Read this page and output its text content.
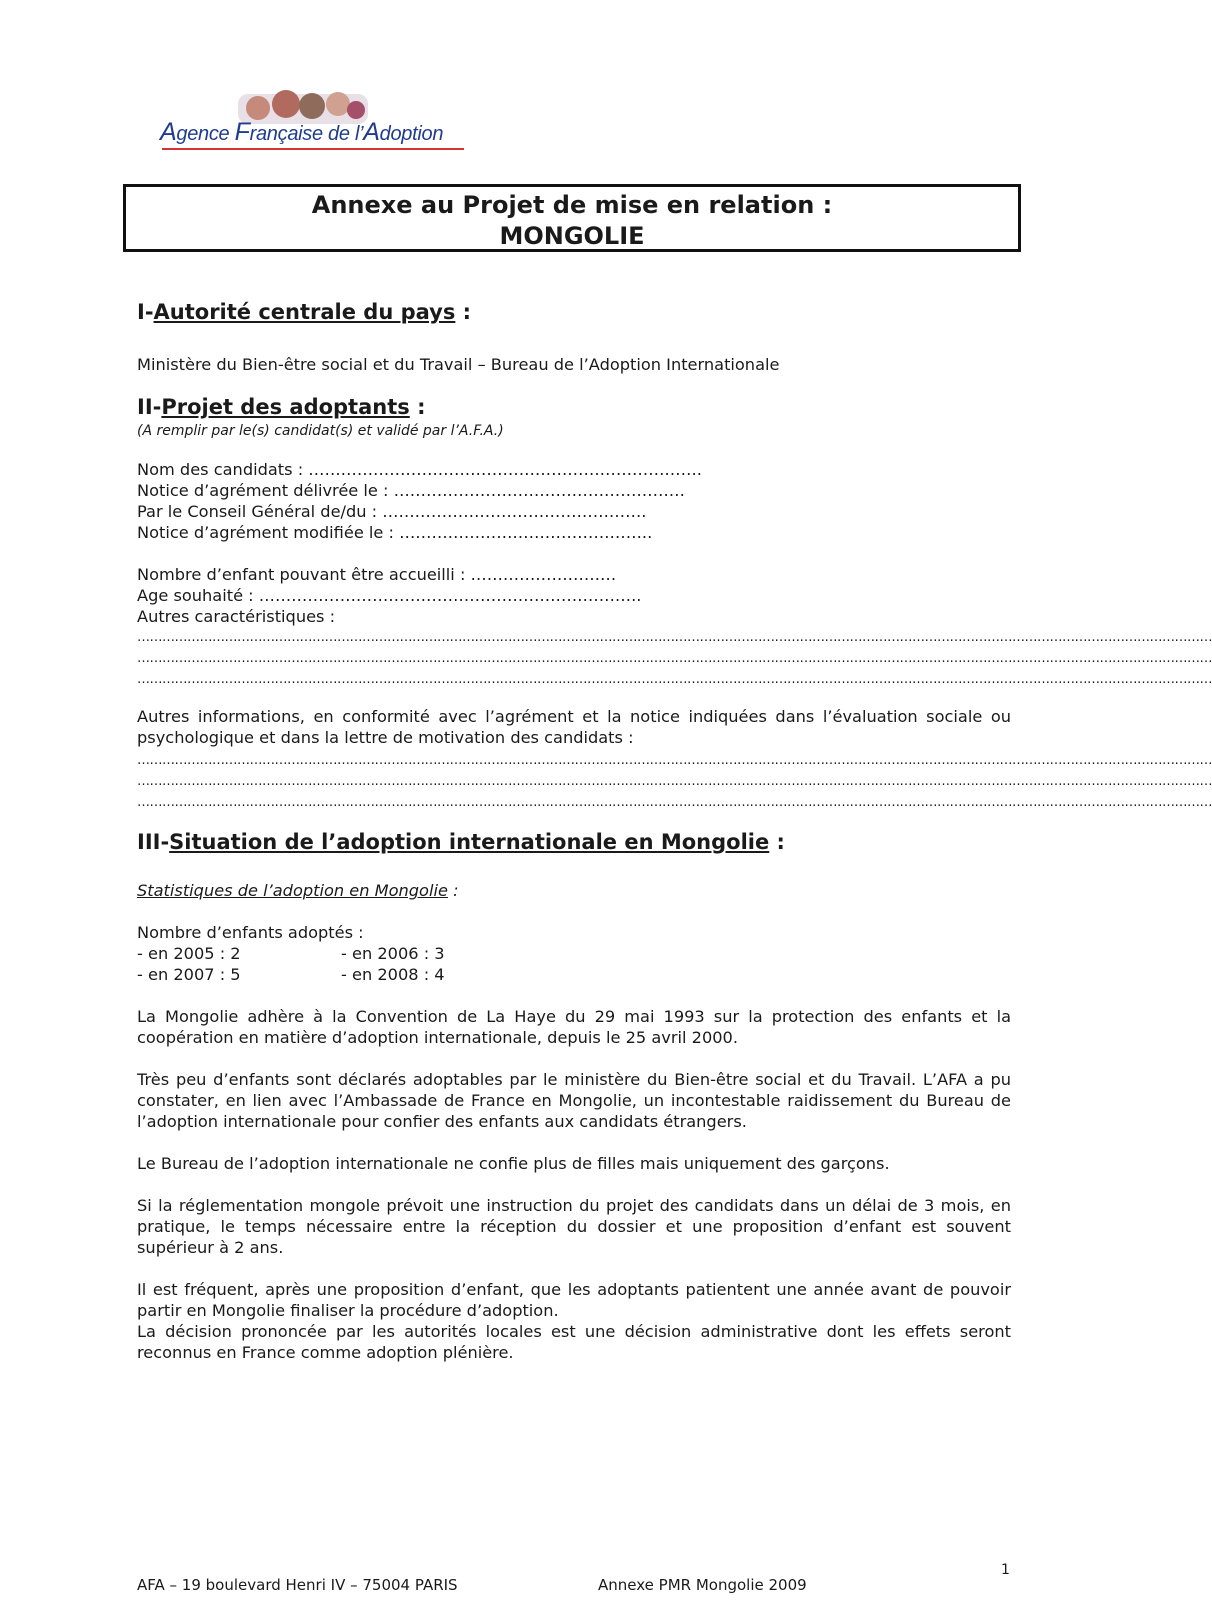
Agence Française de l’Adoption
Annexe au Projet de mise en relation :
MONGOLIE
I-Autorité centrale du pays :
Ministère du Bien-être social et du Travail – Bureau de l’Adoption Internationale
II-Projet des adoptants :
(A remplir par le(s) candidat(s) et validé par l’A.F.A.)
Nom des candidats : ……………………………………………………………….
Notice d’agrément délivrée le : ………………………………………………
Par le Conseil Général de/du : ………………………………………….
Notice d’agrément modifiée le : ………………………………………..
Nombre d’enfant pouvant être accueilli : ………………………
Age souhaité : ……………………………………………………………..
Autres caractéristiques :
……………………………………………………………………………………………………………………………………………………………………………………………………………………………………
……………………………………………………………………………………………………………………………………………………………………………………………………………………………………
……………………………………………………………………………………………………………………………………………………………………………………………………………………………………
Autres informations, en conformité avec l’agrément et la notice indiquées dans l’évaluation sociale ou psychologique et dans la lettre de motivation des candidats :
……………………………………………………………………………………………………………………………………………………………………………………………………………………………………
……………………………………………………………………………………………………………………………………………………………………………………………………………………………………
……………………………………………………………………………………………………………………………………………………………………………………………………………………………………
III-Situation de l’adoption internationale en Mongolie :
Statistiques de l’adoption en Mongolie :
Nombre d’enfants adoptés :
- en 2005 : 2	- en 2006 : 3
- en 2007 : 5	- en 2008 : 4
La Mongolie adhère à la Convention de La Haye du 29 mai 1993 sur la protection des enfants et la coopération en matière d’adoption internationale, depuis le 25 avril 2000.
Très peu d’enfants sont déclarés adoptables par le ministère du Bien-être social et du Travail. L’AFA a pu constater, en lien avec l’Ambassade de France en Mongolie, un incontestable raidissement du Bureau de l’adoption internationale pour confier des enfants aux candidats étrangers.
Le Bureau de l’adoption internationale ne confie plus de filles mais uniquement des garçons.
Si la réglementation mongole prévoit une instruction du projet des candidats dans un délai de 3 mois, en pratique, le temps nécessaire entre la réception du dossier et une proposition d’enfant est souvent supérieur à 2 ans.
Il est fréquent, après une proposition d’enfant, que les adoptants patientent une année avant de pouvoir partir en Mongolie finaliser la procédure d’adoption.
La décision prononcée par les autorités locales est une décision administrative dont les effets seront reconnus en France comme adoption plénière.
1
AFA – 19 boulevard Henri IV – 75004 PARIS	Annexe PMR Mongolie 2009
